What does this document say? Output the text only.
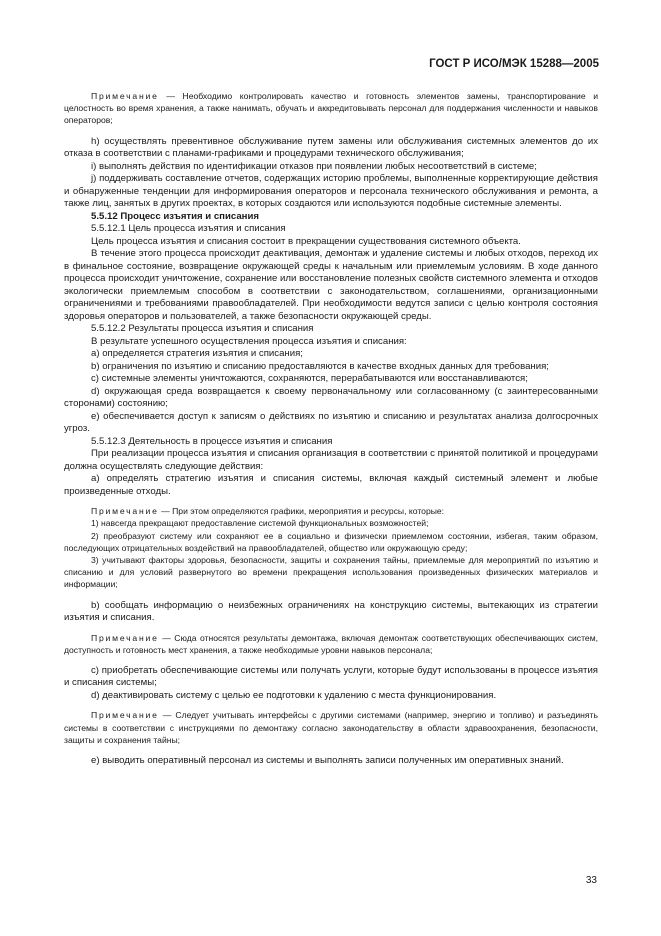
ГОСТ Р ИСО/МЭК 15288—2005

Примечание — Необходимо контролировать качество и готовность элементов замены, транспортирование и целостность во время хранения, а также нанимать, обучать и аккредитовывать персонал для поддержания численности и навыков операторов;

h) осуществлять превентивное обслуживание путем замены или обслуживания системных элементов до их отказа в соответствии с планами-графиками и процедурами технического обслуживания;

i) выполнять действия по идентификации отказов при появлении любых несоответствий в системе;

j) поддерживать составление отчетов, содержащих историю проблемы, выполненные корректирующие действия и обнаруженные тенденции для информирования операторов и персонала технического обслуживания и ремонта, а также лиц, занятых в других проектах, в которых создаются или используются подобные системные элементы.

5.5.12 Процесс изъятия и списания

5.5.12.1 Цель процесса изъятия и списания

Цель процесса изъятия и списания состоит в прекращении существования системного объекта.

В течение этого процесса происходит деактивация, демонтаж и удаление системы и любых отходов, переход их в финальное состояние, возвращение окружающей среды к начальным или приемлемым условиям. В ходе данного процесса происходит уничтожение, сохранение или восстановление полезных свойств системного элемента и отходов экологически приемлемым способом в соответствии с законодательством, соглашениями, организационными ограничениями и требованиями правообладателей. При необходимости ведутся записи с целью контроля состояния здоровья операторов и пользователей, а также безопасности окружающей среды.

5.5.12.2 Результаты процесса изъятия и списания

В результате успешного осуществления процесса изъятия и списания:

а) определяется стратегия изъятия и списания;

b) ограничения по изъятию и списанию предоставляются в качестве входных данных для требования;

с) системные элементы уничтожаются, сохраняются, перерабатываются или восстанавливаются;

d) окружающая среда возвращается к своему первоначальному или согласованному (с заинтересованными сторонами) состоянию;

е) обеспечивается доступ к записям о действиях по изъятию и списанию и результатах анализа долгосрочных угроз.

5.5.12.3 Деятельность в процессе изъятия и списания

При реализации процесса изъятия и списания организация в соответствии с принятой политикой и процедурами должна осуществлять следующие действия:

а) определять стратегию изъятия и списания системы, включая каждый системный элемент и любые произведенные отходы.

Примечание — При этом определяются графики, мероприятия и ресурсы, которые:

1) навсегда прекращают предоставление системой функциональных возможностей;

2) преобразуют систему или сохраняют ее в социально и физически приемлемом состоянии, избегая, таким образом, последующих отрицательных воздействий на правообладателей, общество или окружающую среду;

3) учитывают факторы здоровья, безопасности, защиты и сохранения тайны, приемлемые для мероприятий по изъятию и списанию и для условий развернутого во времени прекращения использования произведенных физических материалов и информации;

b) сообщать информацию о неизбежных ограничениях на конструкцию системы, вытекающих из стратегии изъятия и списания.

Примечание — Сюда относятся результаты демонтажа, включая демонтаж соответствующих обеспечивающих систем, доступность и готовность мест хранения, а также необходимые уровни навыков персонала;

с) приобретать обеспечивающие системы или получать услуги, которые будут использованы в процессе изъятия и списания системы;

d) деактивировать систему с целью ее подготовки к удалению с места функционирования.

Примечание — Следует учитывать интерфейсы с другими системами (например, энергию и топливо) и разъединять системы в соответствии с инструкциями по демонтажу согласно законодательству в области здравоохранения, безопасности, защиты и сохранения тайны;

е) выводить оперативный персонал из системы и выполнять записи полученных им оперативных знаний.

33
